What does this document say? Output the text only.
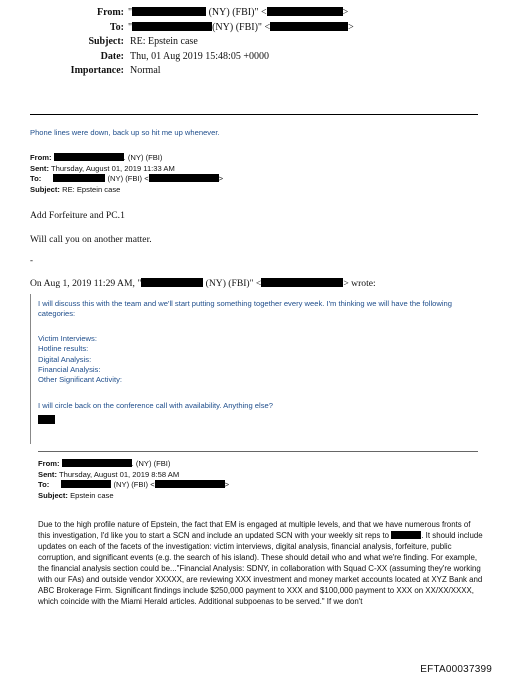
From: "	(NY) (FBI)" <	>
To: "	(NY) (FBI)" <	>
Subject: RE: Epstein case
Date: Thu, 01 Aug 2019 15:48:05 +0000
Importance: Normal
Phone lines were down, back up so hit me up whenever.
From:	. (NY) (FBI)
Sent: Thursday, August 01, 2019 11:33 AM
To:	(NY) (FBI) <	>
Subject: RE: Epstein case
Add Forfeiture and PC.1
Will call you on another matter.
-
On Aug 1, 2019 11:29 AM, "	(NY) (FBI)" <	> wrote:
I will discuss this with the team and we'll start putting something together every week. I'm thinking we will have the following categories:
Victim Interviews:
Hotline results:
Digital Analysis:
Financial Analysis:
Other Significant Activity:
I will circle back on the conference call with availability. Anything else?
From:	. (NY) (FBI)
Sent: Thursday, August 01, 2019 8:58 AM
To:	(NY) (FBI) <	>
Subject: Epstein case
Due to the high profile nature of Epstein, the fact that EM is engaged at multiple levels, and that we have numerous fronts of this investigation, I'd like you to start a SCN and include an updated SCN with your weekly sit reps to	. It should include updates on each of the facets of the investigation: victim interviews, digital analysis, financial analysis, forfeiture, public corruption, and significant events (e.g. the search of his island). These should detail who and what we're finding. For example, the financial analysis section could be..."Financial Analysis: SDNY, in collaboration with Squad C-XX (assuming they're working with our FAs) and outside vendor XXXXX, are reviewing XXX investment and money market accounts located at XYZ Bank and ABC Brokerage Firm. Significant findings include $250,000 payment to XXX and $100,000 payment to XXX on XX/XX/XXXX, which coincide with the Miami Herald articles. Additional subpoenas to be served." If we don't
EFTA00037399
